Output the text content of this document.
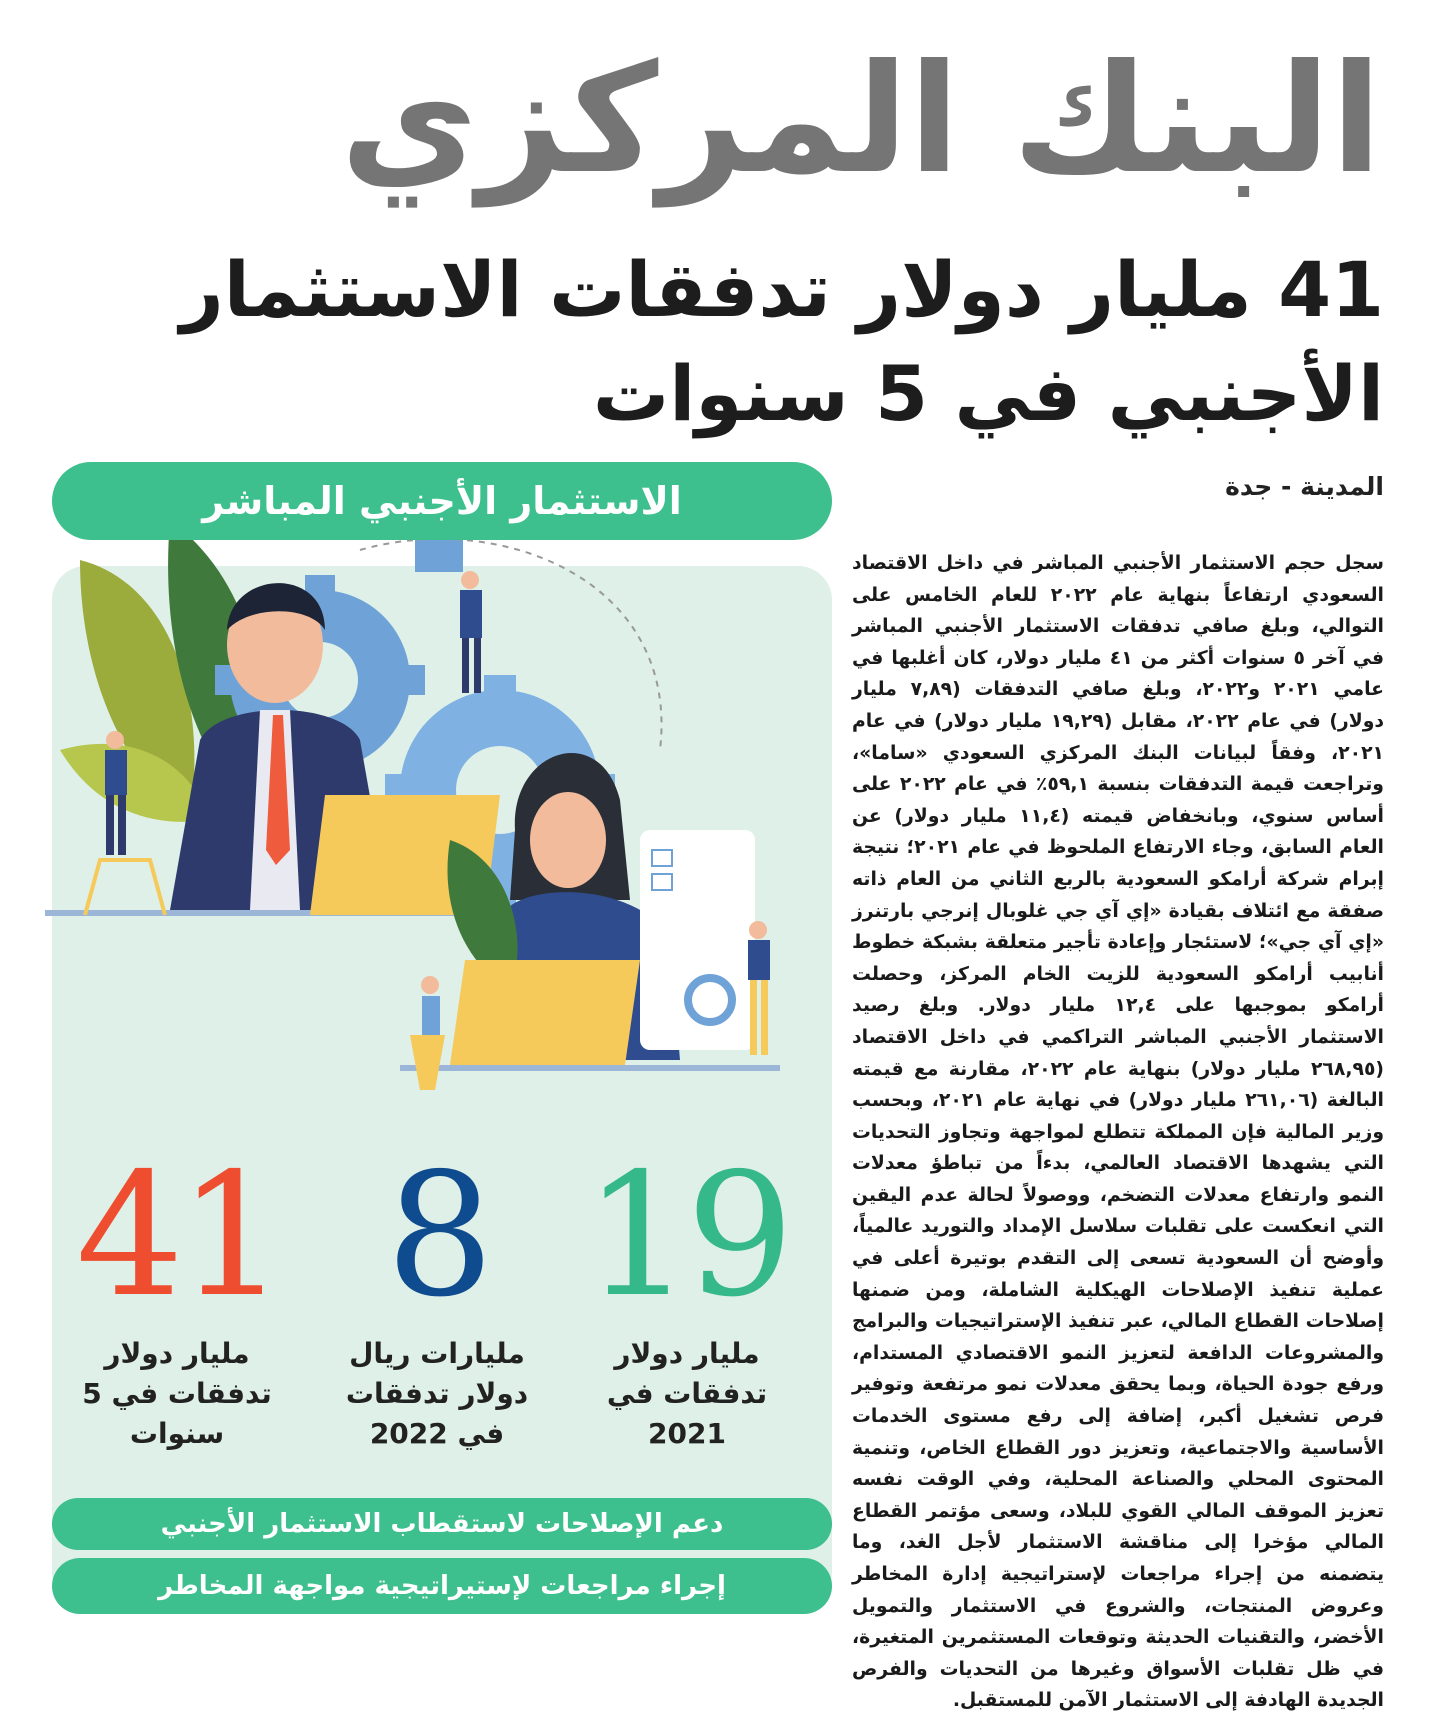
البنك المركزي
41 مليار دولار تدفقات الاستثمار
الأجنبي في 5 سنوات
المدينة - جدة
سجل حجم الاستثمار الأجنبي المباشر في داخل الاقتصاد السعودي ارتفاعاً بنهاية عام ٢٠٢٢ للعام الخامس على التوالي، وبلغ صافي تدفقات الاستثمار الأجنبي المباشر في آخر ٥ سنوات أكثر من ٤١ مليار دولار، كان أغلبها في عامي ٢٠٢١ و٢٠٢٢، وبلغ صافي التدفقات (٧,٨٩ مليار دولار) في عام ٢٠٢٢، مقابل (١٩,٢٩ مليار دولار) في عام ٢٠٢١، وفقاً لبيانات البنك المركزي السعودي «ساما»، وتراجعت قيمة التدفقات بنسبة ٥٩,١٪ في عام ٢٠٢٢ على أساس سنوي، وبانخفاض قيمته (١١,٤ مليار دولار) عن العام السابق، وجاء الارتفاع الملحوظ في عام ٢٠٢١؛ نتيجة إبرام شركة أرامكو السعودية بالربع الثاني من العام ذاته صفقة مع ائتلاف بقيادة «إي آي جي غلوبال إنرجي بارتنرز «إي آي جي»؛ لاستئجار وإعادة تأجير متعلقة بشبكة خطوط أنابيب أرامكو السعودية للزيت الخام المركز، وحصلت أرامكو بموجبها على ١٢,٤ مليار دولار. وبلغ رصيد الاستثمار الأجنبي المباشر التراكمي في داخل الاقتصاد (٢٦٨,٩٥ مليار دولار) بنهاية عام ٢٠٢٢، مقارنة مع قيمته البالغة (٢٦١,٠٦ مليار دولار) في نهاية عام ٢٠٢١، وبحسب وزير المالية فإن المملكة تتطلع لمواجهة وتجاوز التحديات التي يشهدها الاقتصاد العالمي، بدءاً من تباطؤ معدلات النمو وارتفاع معدلات التضخم، ووصولاً لحالة عدم اليقين التي انعكست على تقلبات سلاسل الإمداد والتوريد عالمياً، وأوضح أن السعودية تسعى إلى التقدم بوتيرة أعلى في عملية تنفيذ الإصلاحات الهيكلية الشاملة، ومن ضمنها إصلاحات القطاع المالي، عبر تنفيذ الإستراتيجيات والبرامج والمشروعات الدافعة لتعزيز النمو الاقتصادي المستدام، ورفع جودة الحياة، وبما يحقق معدلات نمو مرتفعة وتوفير فرص تشغيل أكبر، إضافة إلى رفع مستوى الخدمات الأساسية والاجتماعية، وتعزيز دور القطاع الخاص، وتنمية المحتوى المحلي والصناعة المحلية، وفي الوقت نفسه تعزيز الموقف المالي القوي للبلاد، وسعى مؤتمر القطاع المالي مؤخرا إلى مناقشة الاستثمار لأجل الغد، وما يتضمنه من إجراء مراجعات لإستراتيجية إدارة المخاطر وعروض المنتجات، والشروع في الاستثمار والتمويل الأخضر، والتقنيات الحديثة وتوقعات المستثمرين المتغيرة، في ظل تقلبات الأسواق وغيرها من التحديات والفرص الجديدة الهادفة إلى الاستثمار الآمن للمستقبل.
الاستثمار الأجنبي المباشر
41 8 19
مليار دولار
تدفقات في 5
سنوات
مليارات ريال
دولار تدفقات
في 2022
مليار دولار
تدفقات في
2021
دعم الإصلاحات لاستقطاب الاستثمار الأجنبي
إجراء مراجعات لإستيراتيجية مواجهة المخاطر
